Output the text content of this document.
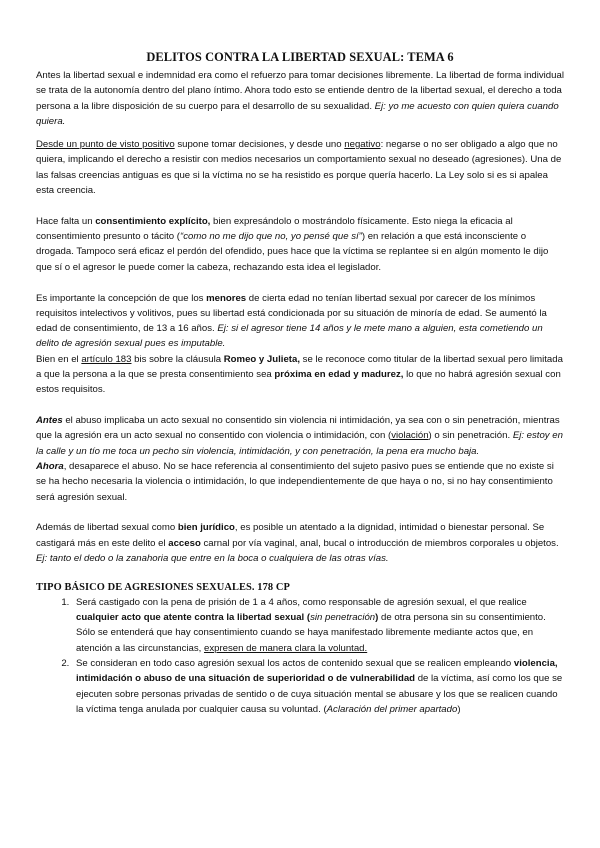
DELITOS CONTRA LA LIBERTAD SEXUAL: TEMA 6

Antes la libertad sexual e indemnidad era como el refuerzo para tomar decisiones libremente. La libertad de forma individual se trata de la autonomía dentro del plano íntimo. Ahora todo esto se entiende dentro de la libertad sexual, el derecho a toda persona a la libre disposición de su cuerpo para el desarrollo de su sexualidad. Ej: yo me acuesto con quien quiera cuando quiera.

Desde un punto de visto positivo supone tomar decisiones, y desde uno negativo: negarse o no ser obligado a algo que no quiera, implicando el derecho a resistir con medios necesarios un comportamiento sexual no deseado (agresiones). Una de las falsas creencias antiguas es que si la víctima no se ha resistido es porque quería hacerlo. La Ley solo si es si apalea esta creencia.

Hace falta un consentimiento explícito, bien expresándolo o mostrándolo físicamente. Esto niega la eficacia al consentimiento presunto o tácito (“como no me dijo que no, yo pensé que sí”) en relación a que está inconsciente o drogada. Tampoco será eficaz el perdón del ofendido, pues hace que la víctima se replantee si en algún momento le dijo que sí o el agresor le puede comer la cabeza, rechazando esta idea el legislador.

Es importante la concepción de que los menores de cierta edad no tenían libertad sexual por carecer de los mínimos requisitos intelectivos y volitivos, pues su libertad está condicionada por su situación de minoría de edad. Se aumentó la edad de consentimiento, de 13 a 16 años. Ej: si el agresor tiene 14 años y le mete mano a alguien, esta cometiendo un delito de agresión sexual pues es imputable.

Bien en el artículo 183 bis sobre la cláusula Romeo y Julieta, se le reconoce como titular de la libertad sexual pero limitada a que la persona a la que se presta consentimiento sea próxima en edad y madurez, lo que no habrá agresión sexual con estos requisitos.

Antes el abuso implicaba un acto sexual no consentido sin violencia ni intimidación, ya sea con o sin penetración, mientras que la agresión era un acto sexual no consentido con violencia o intimidación, con (violación) o sin penetración. Ej: estoy en la calle y un tío me toca un pecho sin violencia, intimidación, y con penetración, la pena era mucho baja.

Ahora, desaparece el abuso. No se hace referencia al consentimiento del sujeto pasivo pues se entiende que no existe si se ha hecho necesaria la violencia o intimidación, lo que independientemente de que haya o no, si no hay consentimiento será agresión sexual.

Además de libertad sexual como bien jurídico, es posible un atentado a la dignidad, intimidad o bienestar personal. Se castigará más en este delito el acceso carnal por vía vaginal, anal, bucal o introducción de miembros corporales u objetos. Ej: tanto el dedo o la zanahoria que entre en la boca o cualquiera de las otras vías.

TIPO BÁSICO DE AGRESIONES SEXUALES. 178 CP
1. Será castigado con la pena de prisión de 1 a 4 años, como responsable de agresión sexual, el que realice cualquier acto que atente contra la libertad sexual (sin penetración) de otra persona sin su consentimiento. Sólo se entenderá que hay consentimiento cuando se haya manifestado libremente mediante actos que, en atención a las circunstancias, expresen de manera clara la voluntad.
2. Se consideran en todo caso agresión sexual los actos de contenido sexual que se realicen empleando violencia, intimidación o abuso de una situación de superioridad o de vulnerabilidad de la víctima, así como los que se ejecuten sobre personas privadas de sentido o de cuya situación mental se abusare y los que se realicen cuando la víctima tenga anulada por cualquier causa su voluntad. (Aclaración del primer apartado)
